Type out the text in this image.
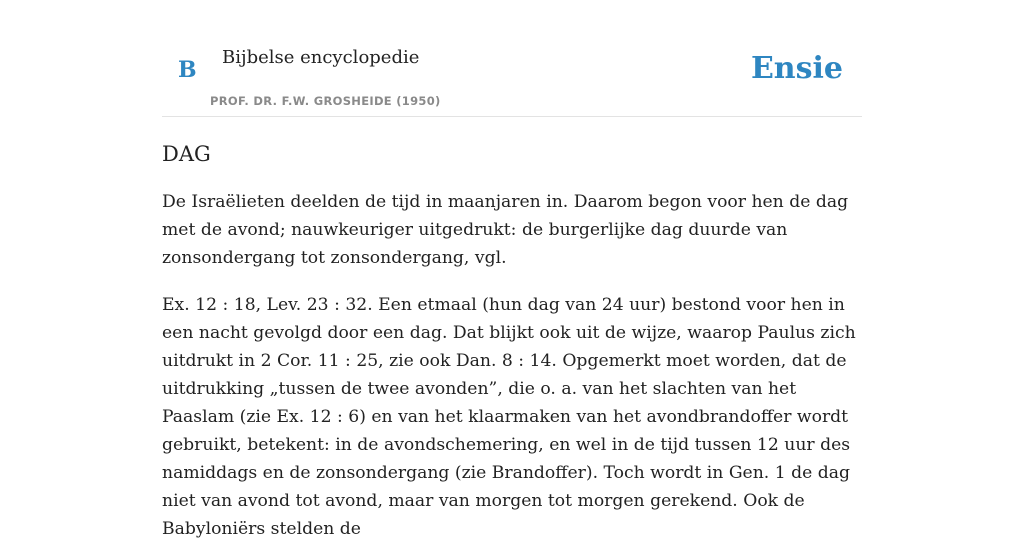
B Bijbelse encyclopedie
PROF. DR. F.W. GROSHEIDE (1950)
Ensie
DAG

De Israëlieten deelden de tijd in maanjaren in. Daarom begon voor hen de dag met de avond; nauwkeuriger uitgedrukt: de burgerlijke dag duurde van zonsondergang tot zonsondergang, vgl.

Ex. 12 : 18, Lev. 23 : 32. Een etmaal (hun dag van 24 uur) bestond voor hen in een nacht gevolgd door een dag. Dat blijkt ook uit de wijze, waarop Paulus zich uitdrukt in 2 Cor. 11 : 25, zie ook Dan. 8 : 14. Opgemerkt moet worden, dat de uitdrukking „tussen de twee avonden”, die o. a. van het slachten van het Paaslam (zie Ex. 12 : 6) en van het klaarmaken van het avondbrandoffer wordt gebruikt, betekent: in de avondschemering, en wel in de tijd tussen 12 uur des namiddags en de zonsondergang (zie Brandoffer). Toch wordt in Gen. 1 de dag niet van avond tot avond, maar van morgen tot morgen gerekend. Ook de Babyloniërs stelden de
